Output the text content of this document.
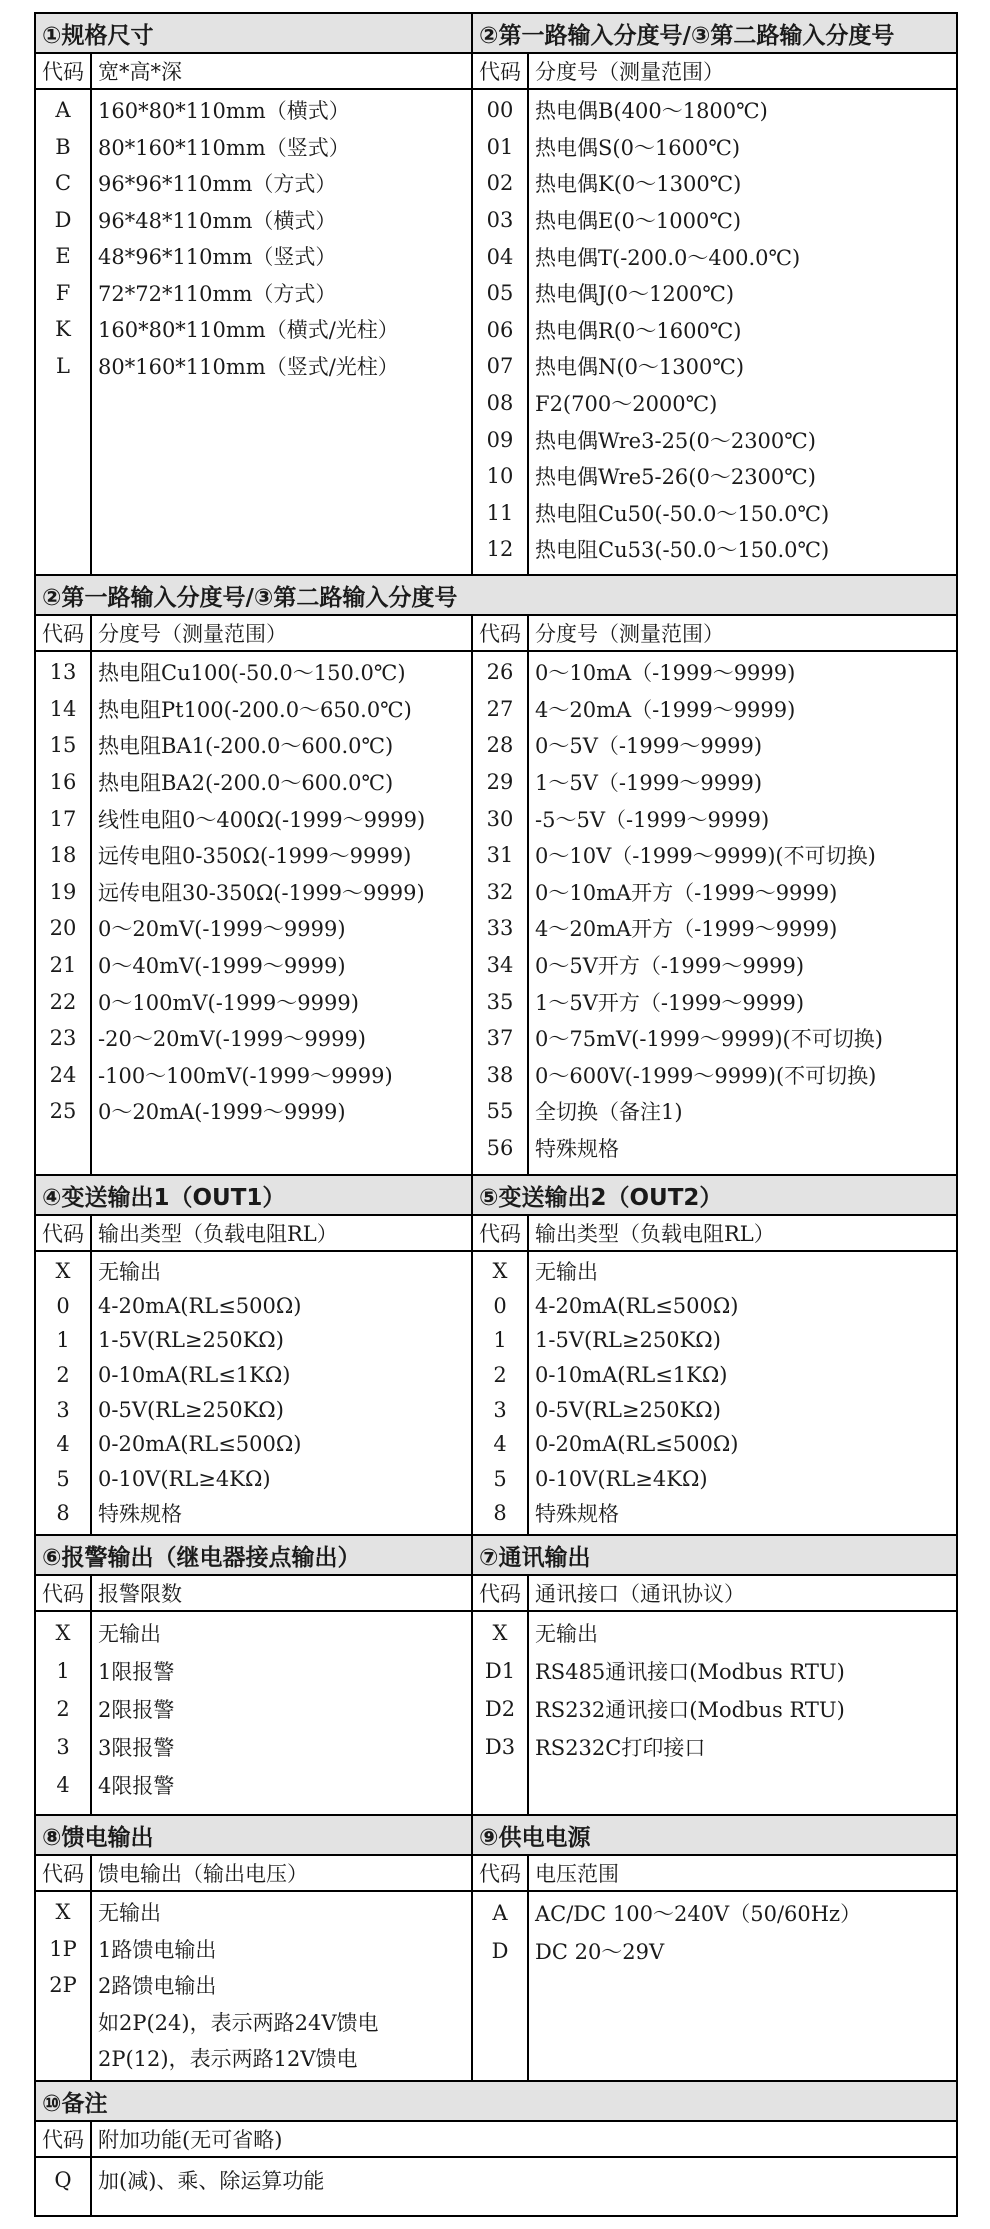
①规格尺寸	②第一路输入分度号/③第二路输入分度号
代码 宽*高*深
A	160*80*110mm（横式）
B	80*160*110mm（竖式）
C	96*96*110mm（方式）
D	96*48*110mm（横式）
E	48*96*110mm（竖式）
F	72*72*110mm（方式）
K	160*80*110mm（横式/光柱）
L	80*160*110mm（竖式/光柱）
代码 分度号（测量范围）
00	热电偶B(400～1800℃)
01	热电偶S(0～1600℃)
02	热电偶K(0～1300℃)
03	热电偶E(0～1000℃)
04	热电偶T(-200.0～400.0℃)
05	热电偶J(0～1200℃)
06	热电偶R(0～1600℃)
07	热电偶N(0～1300℃)
08	F2(700～2000℃)
09	热电偶Wre3-25(0～2300℃)
10	热电偶Wre5-26(0～2300℃)
11	热电阻Cu50(-50.0～150.0℃)
12	热电阻Cu53(-50.0～150.0℃)
②第一路输入分度号/③第二路输入分度号
代码 分度号（测量范围）
13	热电阻Cu100(-50.0～150.0℃)
14	热电阻Pt100(-200.0～650.0℃)
15	热电阻BA1(-200.0～600.0℃)
16	热电阻BA2(-200.0～600.0℃)
17	线性电阻0～400Ω(-1999～9999)
18	远传电阻0-350Ω(-1999～9999)
19	远传电阻30-350Ω(-1999～9999)
20	0～20mV(-1999～9999)
21	0～40mV(-1999～9999)
22	0～100mV(-1999～9999)
23	-20～20mV(-1999～9999)
24	-100～100mV(-1999～9999)
25	0～20mA(-1999～9999)
代码 分度号（测量范围）
26	0～10mA（-1999～9999)
27	4～20mA（-1999～9999)
28	0～5V（-1999～9999)
29	1～5V（-1999～9999)
30	-5～5V（-1999～9999)
31	0～10V（-1999～9999)(不可切换)
32	0～10mA开方（-1999～9999)
33	4～20mA开方（-1999～9999)
34	0～5V开方（-1999～9999)
35	1～5V开方（-1999～9999)
37	0～75mV(-1999～9999)(不可切换)
38	0～600V(-1999～9999)(不可切换)
55	全切换（备注1)
56	特殊规格
④变送输出1（OUT1）	⑤变送输出2（OUT2）
代码 输出类型（负载电阻RL）
X	无输出
0	4-20mA(RL≤500Ω)
1	1-5V(RL≥250KΩ)
2	0-10mA(RL≤1KΩ)
3	0-5V(RL≥250KΩ)
4	0-20mA(RL≤500Ω)
5	0-10V(RL≥4KΩ)
8	特殊规格
代码 输出类型（负载电阻RL）
X	无输出
0	4-20mA(RL≤500Ω)
1	1-5V(RL≥250KΩ)
2	0-10mA(RL≤1KΩ)
3	0-5V(RL≥250KΩ)
4	0-20mA(RL≤500Ω)
5	0-10V(RL≥4KΩ)
8	特殊规格
⑥报警输出（继电器接点输出）	⑦通讯输出
代码 报警限数
X	无输出
1	1限报警
2	2限报警
3	3限报警
4	4限报警
代码 通讯接口（通讯协议）
X	无输出
D1 RS485通讯接口(Modbus RTU)
D2 RS232通讯接口(Modbus RTU)
D3 RS232C打印接口
⑧馈电输出	⑨供电电源
代码 馈电输出（输出电压）
X	无输出
1P	1路馈电输出
2P	2路馈电输出
如2P(24)，表示两路24V馈电
2P(12)，表示两路12V馈电
代码 电压范围
A	AC/DC 100～240V（50/60Hz）
D	DC 20～29V
⑩备注
代码 附加功能(无可省略)
Q	加(减)、乘、除运算功能
